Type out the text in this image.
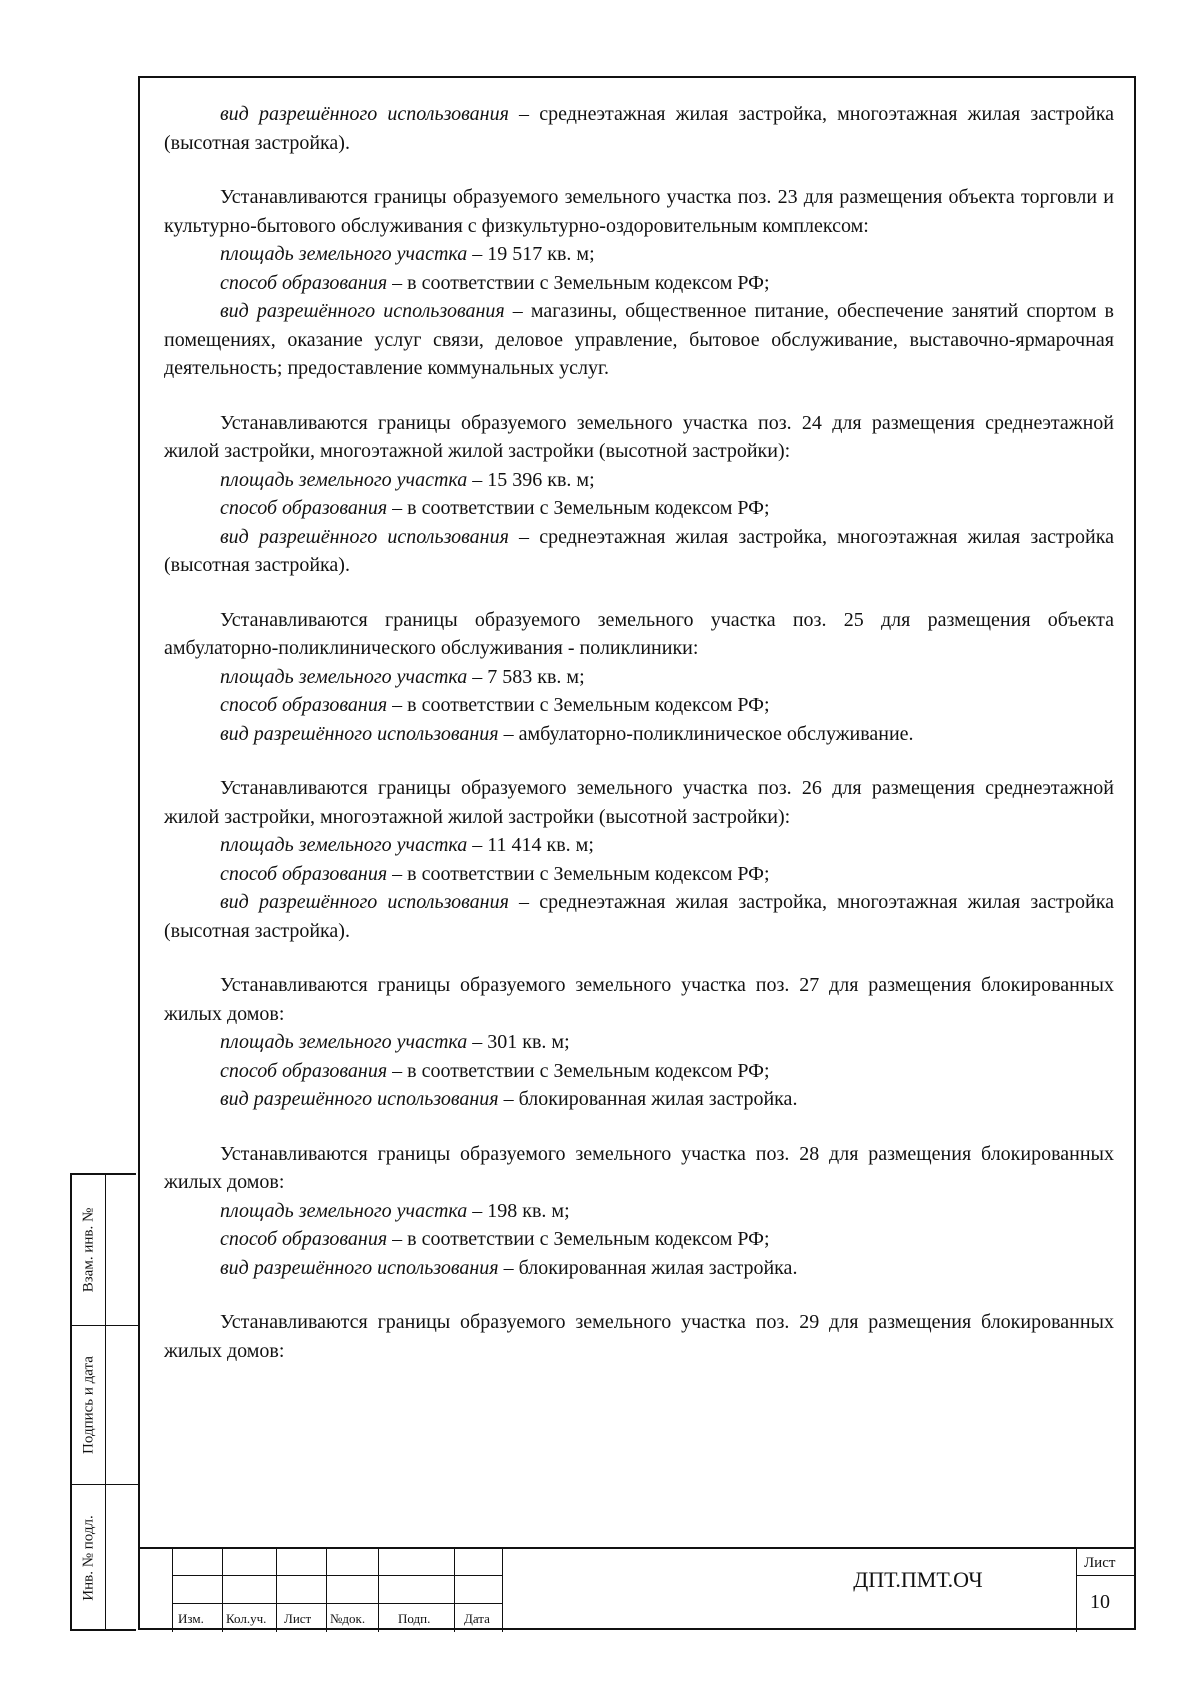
вид разрешённого использования – среднеэтажная жилая застройка, многоэтажная жилая застройка (высотная застройка).

Устанавливаются границы образуемого земельного участка поз. 23 для размещения объекта торговли и культурно-бытового обслуживания с физкультурно-оздоровительным комплексом:

площадь земельного участка – 19 517 кв. м;

способ образования – в соответствии с Земельным кодексом РФ;

вид разрешённого использования – магазины, общественное питание, обеспечение занятий спортом в помещениях, оказание услуг связи, деловое управление, бытовое обслуживание, выставочно-ярмарочная деятельность; предоставление коммунальных услуг.

Устанавливаются границы образуемого земельного участка поз. 24 для размещения среднеэтажной жилой застройки, многоэтажной жилой застройки (высотной застройки):

площадь земельного участка – 15 396 кв. м;

способ образования – в соответствии с Земельным кодексом РФ;

вид разрешённого использования – среднеэтажная жилая застройка, многоэтажная жилая застройка (высотная застройка).

Устанавливаются границы образуемого земельного участка поз. 25 для размещения объекта амбулаторно-поликлинического обслуживания - поликлиники:

площадь земельного участка – 7 583 кв. м;

способ образования – в соответствии с Земельным кодексом РФ;

вид разрешённого использования – амбулаторно-поликлиническое обслуживание.

Устанавливаются границы образуемого земельного участка поз. 26 для размещения среднеэтажной жилой застройки, многоэтажной жилой застройки (высотной застройки):

площадь земельного участка – 11 414 кв. м;

способ образования – в соответствии с Земельным кодексом РФ;

вид разрешённого использования – среднеэтажная жилая застройка, многоэтажная жилая застройка (высотная застройка).

Устанавливаются границы образуемого земельного участка поз. 27 для размещения блокированных жилых домов:

площадь земельного участка – 301 кв. м;

способ образования – в соответствии с Земельным кодексом РФ;

вид разрешённого использования – блокированная жилая застройка.

Устанавливаются границы образуемого земельного участка поз. 28 для размещения блокированных жилых домов:

площадь земельного участка – 198 кв. м;

способ образования – в соответствии с Земельным кодексом РФ;

вид разрешённого использования – блокированная жилая застройка.

Устанавливаются границы образуемого земельного участка поз. 29 для размещения блокированных жилых домов:

Взам. инв. №
Подпись и дата
Инв. № подл.
Изм. Кол.уч. Лист №док.	Подп.	Дата
ДПТ.ПМТ.ОЧ
Лист
10
